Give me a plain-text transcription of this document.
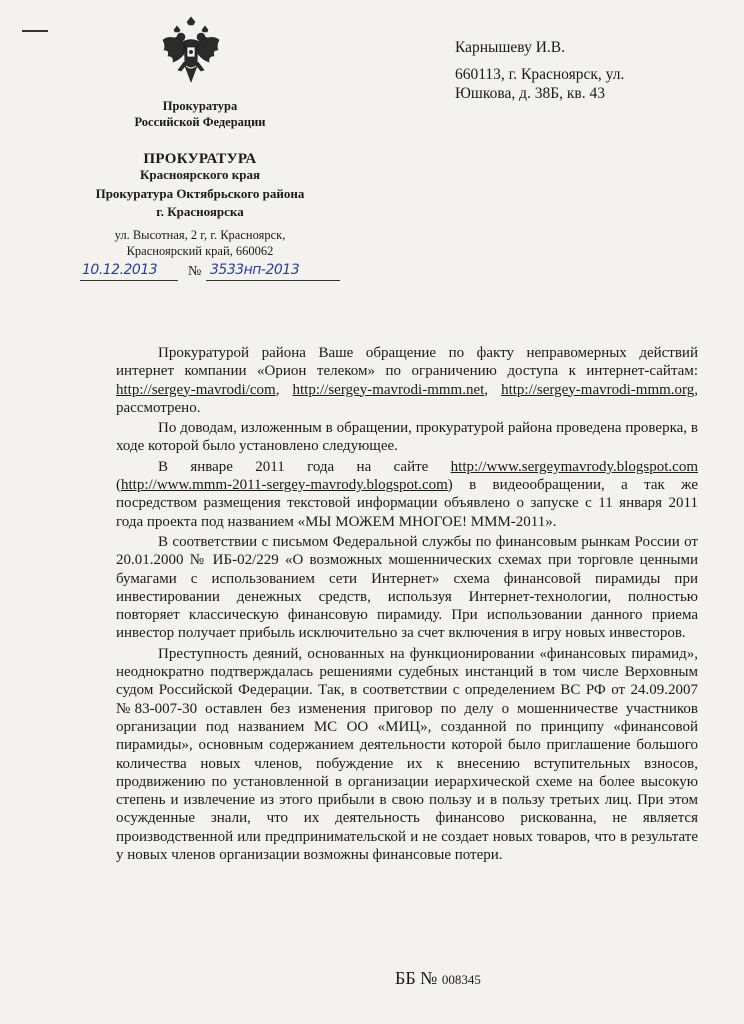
Прокуратура
Российской Федерации
ПРОКУРАТУРА
Красноярского края
Прокуратура Октябрьского района
г. Красноярска
ул. Высотная, 2 г, г. Красноярск,
Красноярский край, 660062
10.12.2013 № 3533нп-2013
Карнышеву И.В.
660113, г. Красноярск, ул.
Юшкова, д. 38Б, кв. 43

Прокуратурой района Ваше обращение по факту неправомерных действий интернет компании «Орион телеком» по ограничению доступа к интернет-сайтам: http://sergey-mavrodi/com, http://sergey-mavrodi-mmm.net, http://sergey-mavrodi-mmm.org, рассмотрено.

По доводам, изложенным в обращении, прокуратурой района проведена проверка, в ходе которой было установлено следующее.

В январе 2011 года на сайте http://www.sergeymavrody.blogspot.com (http://www.mmm-2011-sergey-mavrody.blogspot.com) в видеообращении, а так же посредством размещения текстовой информации объявлено о запуске с 11 января 2011 года проекта под названием «МЫ МОЖЕМ МНОГОЕ! МММ-2011».

В соответствии с письмом Федеральной службы по финансовым рынкам России от 20.01.2000 № ИБ-02/229 «О возможных мошеннических схемах при торговле ценными бумагами с использованием сети Интернет» схема финансовой пирамиды при инвестировании денежных средств, используя Интернет-технологии, полностью повторяет классическую финансовую пирамиду. При использовании данного приема инвестор получает прибыль исключительно за счет включения в игру новых инвесторов.

Преступность деяний, основанных на функционировании «финансовых пирамид», неоднократно подтверждалась решениями судебных инстанций в том числе Верховным судом Российской Федерации. Так, в соответствии с определением ВС РФ от 24.09.2007 №83-007-30 оставлен без изменения приговор по делу о мошенничестве участников организации под названием МС ОО «МИЦ», созданной по принципу «финансовой пирамиды», основным содержанием деятельности которой было приглашение большого количества новых членов, побуждение их к внесению вступительных взносов, продвижению по установленной в организации иерархической схеме на более высокую степень и извлечение из этого прибыли в свою пользу и в пользу третьих лиц. При этом осужденные знали, что их деятельность финансово рискованна, не является производственной или предпринимательской и не создает новых товаров, что в результате у новых членов организации возможны финансовые потери.

ББ № 008345
